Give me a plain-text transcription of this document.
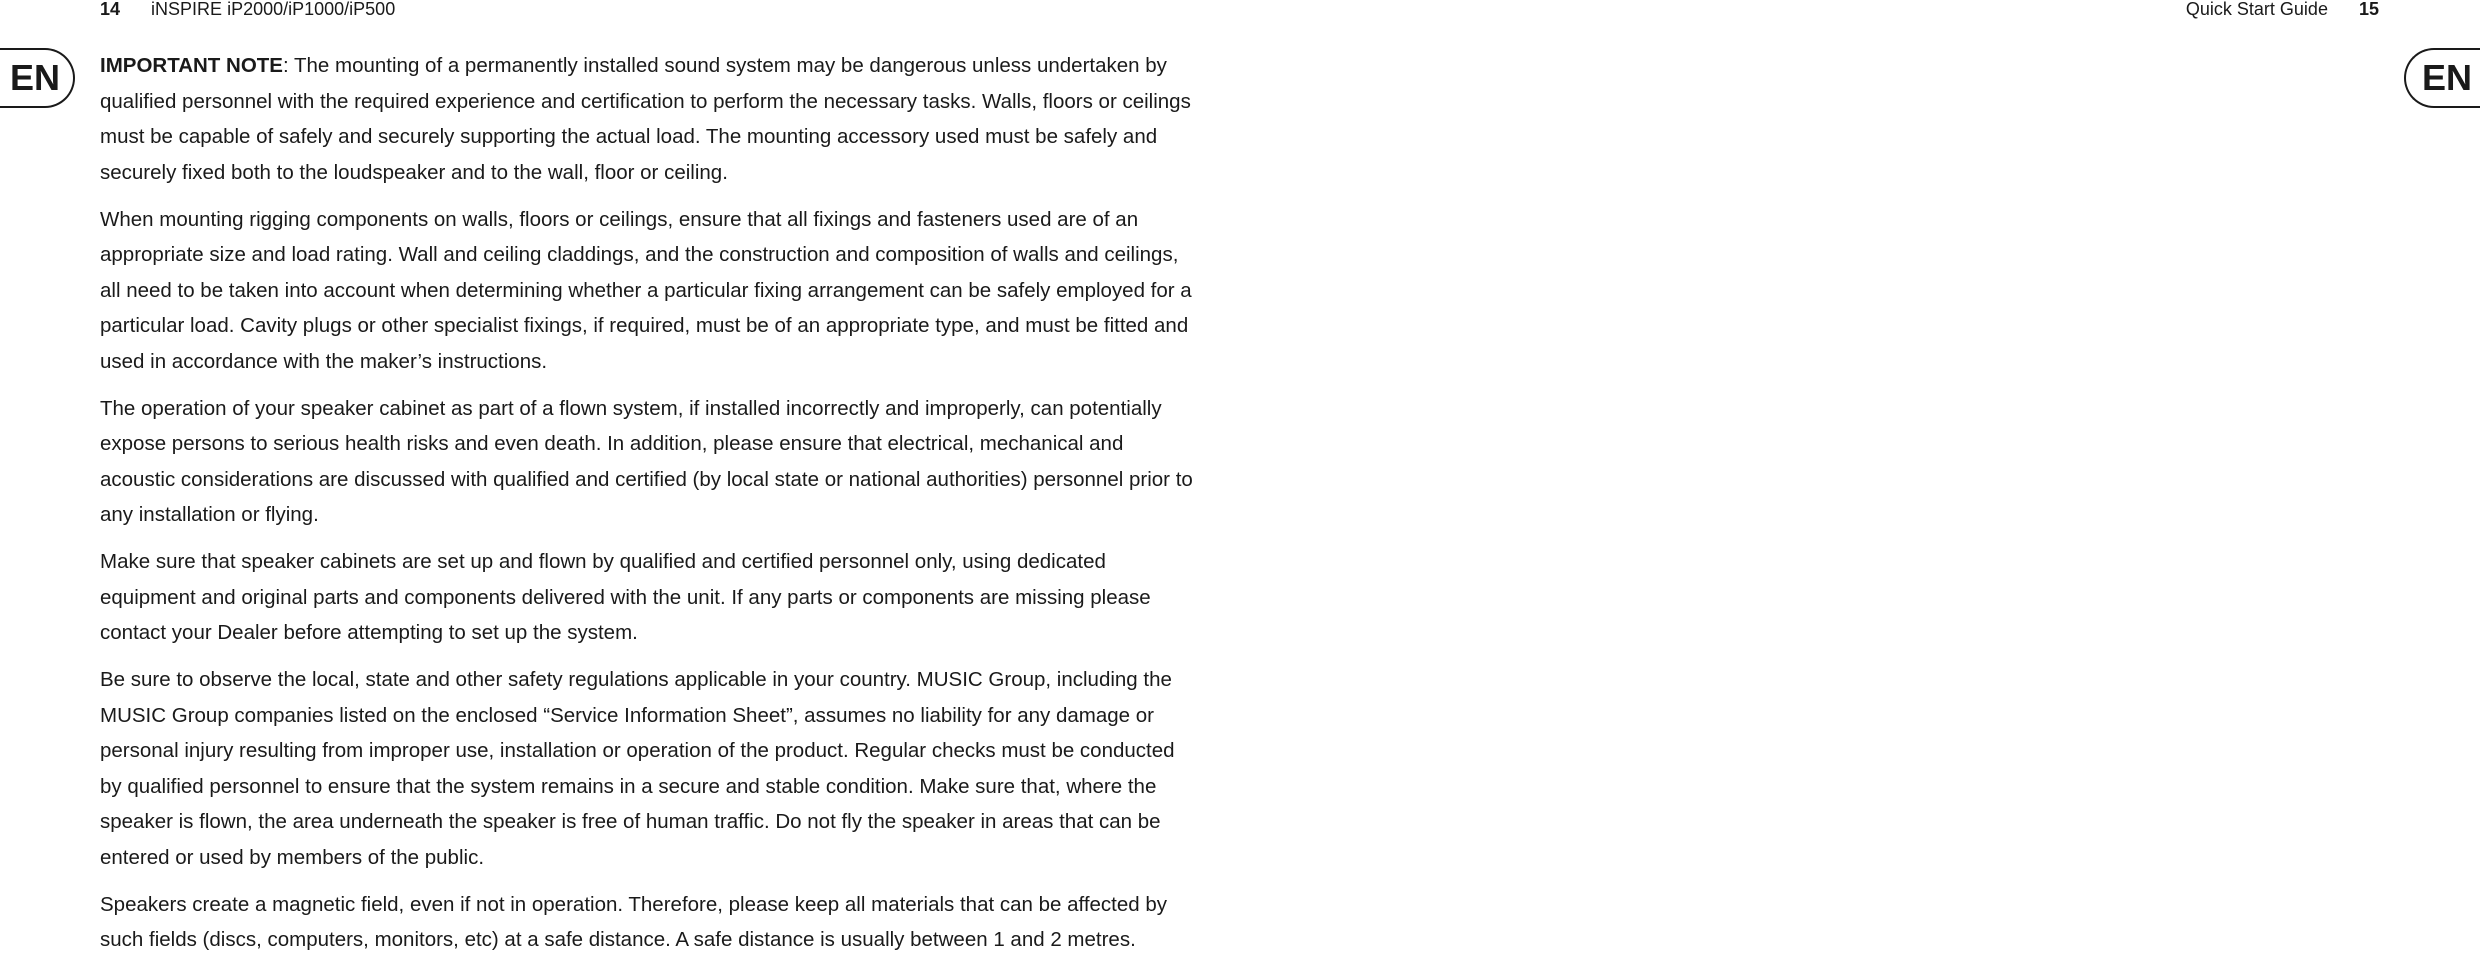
14 iNSPIRE iP2000/iP1000/iP500	Quick Start Guide 15
EN	EN

IMPORTANT NOTE: The mounting of a permanently installed sound system may be dangerous unless undertaken by qualified personnel with the required experience and certification to perform the necessary tasks. Walls, floors or ceilings must be capable of safely and securely supporting the actual load. The mounting accessory used must be safely and securely fixed both to the loudspeaker and to the wall, floor or ceiling.

When mounting rigging components on walls, floors or ceilings, ensure that all fixings and fasteners used are of an appropriate size and load rating. Wall and ceiling claddings, and the construction and composition of walls and ceilings, all need to be taken into account when determining whether a particular fixing arrangement can be safely employed for a particular load. Cavity plugs or other specialist fixings, if required, must be of an appropriate type, and must be fitted and used in accordance with the maker’s instructions.

The operation of your speaker cabinet as part of a flown system, if installed incorrectly and improperly, can potentially expose persons to serious health risks and even death. In addition, please ensure that electrical, mechanical and acoustic considerations are discussed with qualified and certified (by local state or national authorities) personnel prior to any installation or flying.

Make sure that speaker cabinets are set up and flown by qualified and certified personnel only, using dedicated equipment and original parts and components delivered with the unit. If any parts or components are missing please contact your Dealer before attempting to set up the system.

Be sure to observe the local, state and other safety regulations applicable in your country. MUSIC Group, including the MUSIC Group companies listed on the enclosed “Service Information Sheet”, assumes no liability for any damage or personal injury resulting from improper use, installation or operation of the product. Regular checks must be conducted by qualified personnel to ensure that the system remains in a secure and stable condition. Make sure that, where the speaker is flown, the area underneath the speaker is free of human traffic. Do not fly the speaker in areas that can be entered or used by members of the public.

Speakers create a magnetic field, even if not in operation. Therefore, please keep all materials that can be affected by such fields (discs, computers, monitors, etc) at a safe distance. A safe distance is usually between 1 and 2 metres.
